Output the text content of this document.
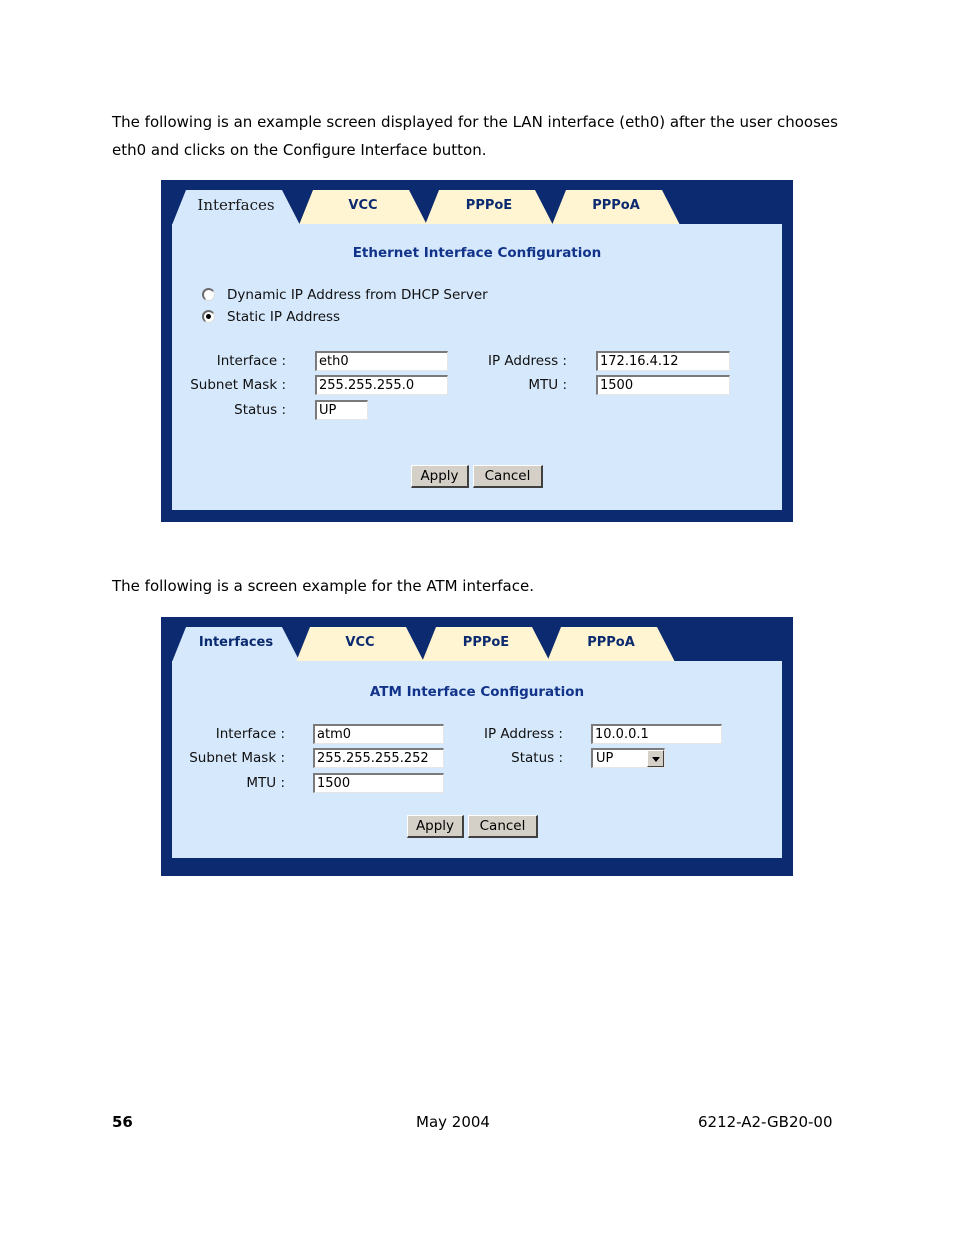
The following is an example screen displayed for the LAN interface (eth0) after the user chooses eth0 and clicks on the Configure Interface button.
Interfaces	VCC	PPPoE	PPPoA
Ethernet Interface Configuration
Dynamic IP Address from DHCP Server
Static IP Address
Interface :	eth0
Subnet Mask :	255.255.255.0
Status :	UP
IP Address :	172.16.4.12
MTU :	1500
Apply	Cancel
The following is a screen example for the ATM interface.
Interfaces	VCC	PPPoE	PPPoA
ATM Interface Configuration
Interface :	atm0
Subnet Mask :	255.255.255.252
MTU :	1500
IP Address :	10.0.0.1
Status :	UP
Apply	Cancel
56	May 2004	6212-A2-GB20-00
